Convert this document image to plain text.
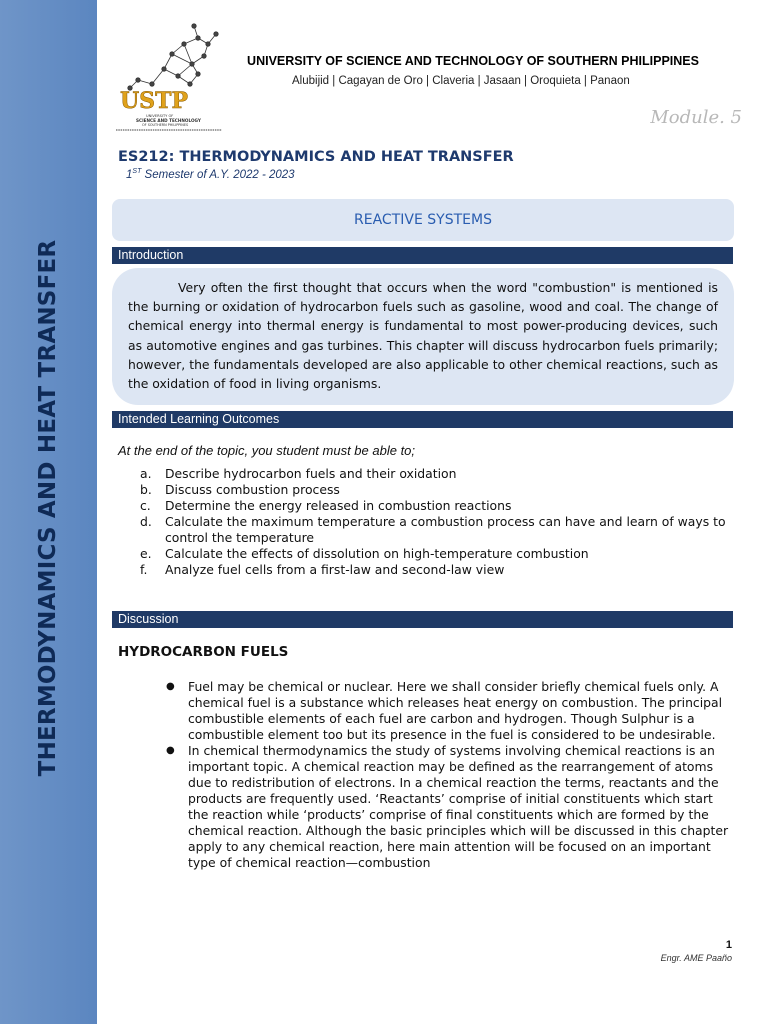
THERMODYNAMICS AND HEAT TRANSFER
USTP
UNIVERSITY OF
SCIENCE AND TECHNOLOGY
OF SOUTHERN PHILIPPINES
UNIVERSITY OF SCIENCE AND TECHNOLOGY OF SOUTHERN PHILIPPINES
Alubijid | Cagayan de Oro | Claveria | Jasaan | Oroquieta | Panaon
Module. 5
ES212: THERMODYNAMICS AND HEAT TRANSFER
1ST Semester of A.Y. 2022 - 2023
REACTIVE SYSTEMS
Introduction

Very often the first thought that occurs when the word "combustion" is mentioned is the burning or oxidation of hydrocarbon fuels such as gasoline, wood and coal. The change of chemical energy into thermal energy is fundamental to most power-producing devices, such as automotive engines and gas turbines. This chapter will discuss hydrocarbon fuels primarily; however, the fundamentals developed are also applicable to other chemical reactions, such as the oxidation of food in living organisms.

Intended Learning Outcomes
At the end of the topic, you student must be able to;
a.	Describe hydrocarbon fuels and their oxidation
b.	Discuss combustion process
c.	Determine the energy released in combustion reactions
d.	Calculate the maximum temperature a combustion process can have and learn of ways to control the temperature
e.	Calculate the effects of dissolution on high-temperature combustion
f.	Analyze fuel cells from a first-law and second-law view
Discussion
HYDROCARBON FUELS
●	Fuel may be chemical or nuclear. Here we shall consider briefly chemical fuels only. A chemical fuel is a substance which releases heat energy on combustion. The principal combustible elements of each fuel are carbon and hydrogen. Though Sulphur is a combustible element too but its presence in the fuel is considered to be undesirable.
●	In chemical thermodynamics the study of systems involving chemical reactions is an important topic. A chemical reaction may be defined as the rearrangement of atoms due to redistribution of electrons. In a chemical reaction the terms, reactants and the products are frequently used. ‘Reactants’ comprise of initial constituents which start the reaction while ‘products’ comprise of final constituents which are formed by the chemical reaction. Although the basic principles which will be discussed in this chapter apply to any chemical reaction, here main attention will be focused on an important type of chemical reaction—combustion
1
Engr. AME Paaño
